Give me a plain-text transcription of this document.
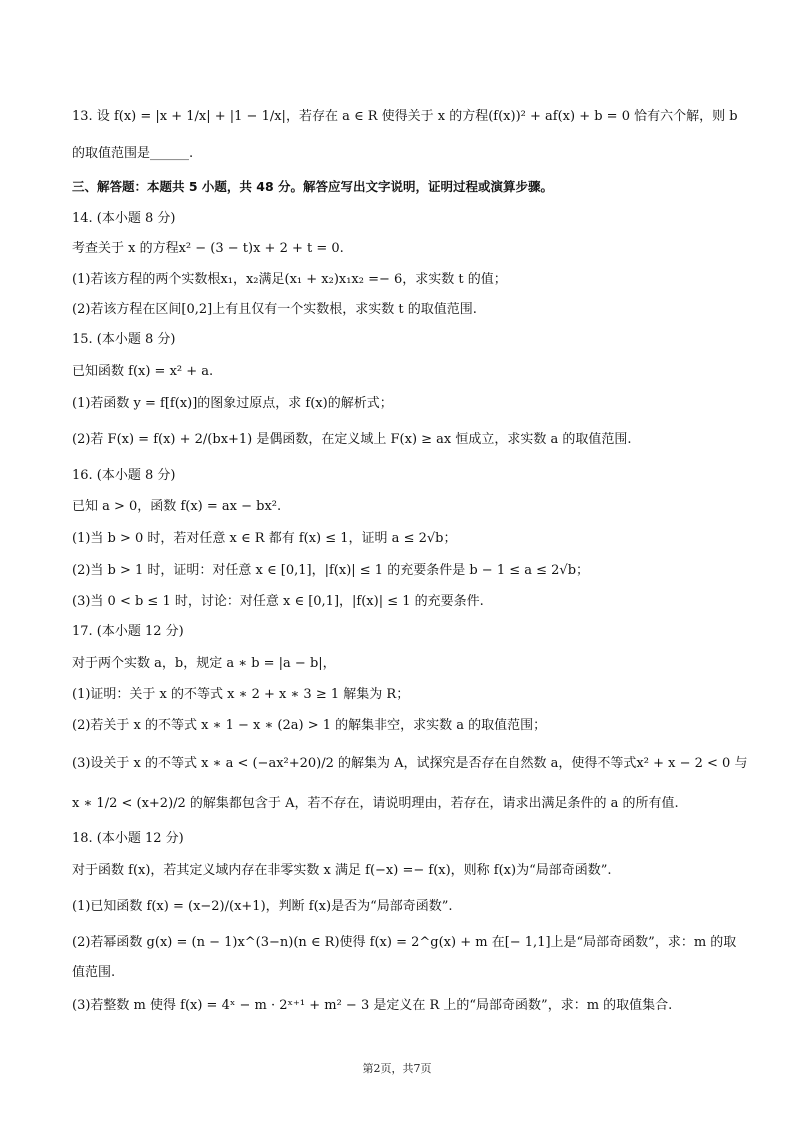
13. 设 f(x) = |x + 1/x| + |1 − 1/x|，若存在 a ∈ R 使得关于 x 的方程(f(x))² + af(x) + b = 0 恰有六个解，则 b
的取值范围是______.
三、解答题：本题共 5 小题，共 48 分。解答应写出文字说明，证明过程或演算步骤。
14. (本小题 8 分)
考查关于 x 的方程x² − (3 − t)x + 2 + t = 0.
(1)若该方程的两个实数根x₁，x₂满足(x₁ + x₂)x₁x₂ =− 6，求实数 t 的值；
(2)若该方程在区间[0,2]上有且仅有一个实数根，求实数 t 的取值范围.
15. (本小题 8 分)
已知函数 f(x) = x² + a.
(1)若函数 y = f[f(x)]的图象过原点，求 f(x)的解析式；
(2)若 F(x) = f(x) + 2/(bx+1) 是偶函数，在定义域上 F(x) ≥ ax 恒成立，求实数 a 的取值范围.
16. (本小题 8 分)
已知 a > 0，函数 f(x) = ax − bx².
(1)当 b > 0 时，若对任意 x ∈ R 都有 f(x) ≤ 1，证明 a ≤ 2√b；
(2)当 b > 1 时，证明：对任意 x ∈ [0,1]，|f(x)| ≤ 1 的充要条件是 b − 1 ≤ a ≤ 2√b；
(3)当 0 < b ≤ 1 时，讨论：对任意 x ∈ [0,1]，|f(x)| ≤ 1 的充要条件.
17. (本小题 12 分)
对于两个实数 a，b，规定 a ∗ b = |a − b|，
(1)证明：关于 x 的不等式 x ∗ 2 + x ∗ 3 ≥ 1 解集为 R；
(2)若关于 x 的不等式 x ∗ 1 − x ∗ (2a) > 1 的解集非空，求实数 a 的取值范围；
(3)设关于 x 的不等式 x ∗ a < (−ax²+20)/2 的解集为 A，试探究是否存在自然数 a，使得不等式x² + x − 2 < 0 与
x ∗ 1/2 < (x+2)/2 的解集都包含于 A，若不存在，请说明理由，若存在，请求出满足条件的 a 的所有值.
18. (本小题 12 分)
对于函数 f(x)，若其定义域内存在非零实数 x 满足 f(−x) =− f(x)，则称 f(x)为“局部奇函数”.
(1)已知函数 f(x) = (x−2)/(x+1)，判断 f(x)是否为“局部奇函数”.
(2)若幂函数 g(x) = (n − 1)x^(3−n)(n ∈ R)使得 f(x) = 2^g(x) + m 在[− 1,1]上是“局部奇函数”，求：m 的取
值范围.
(3)若整数 m 使得 f(x) = 4ˣ − m · 2ˣ⁺¹ + m² − 3 是定义在 R 上的“局部奇函数”，求：m 的取值集合.
第2页，共7页
